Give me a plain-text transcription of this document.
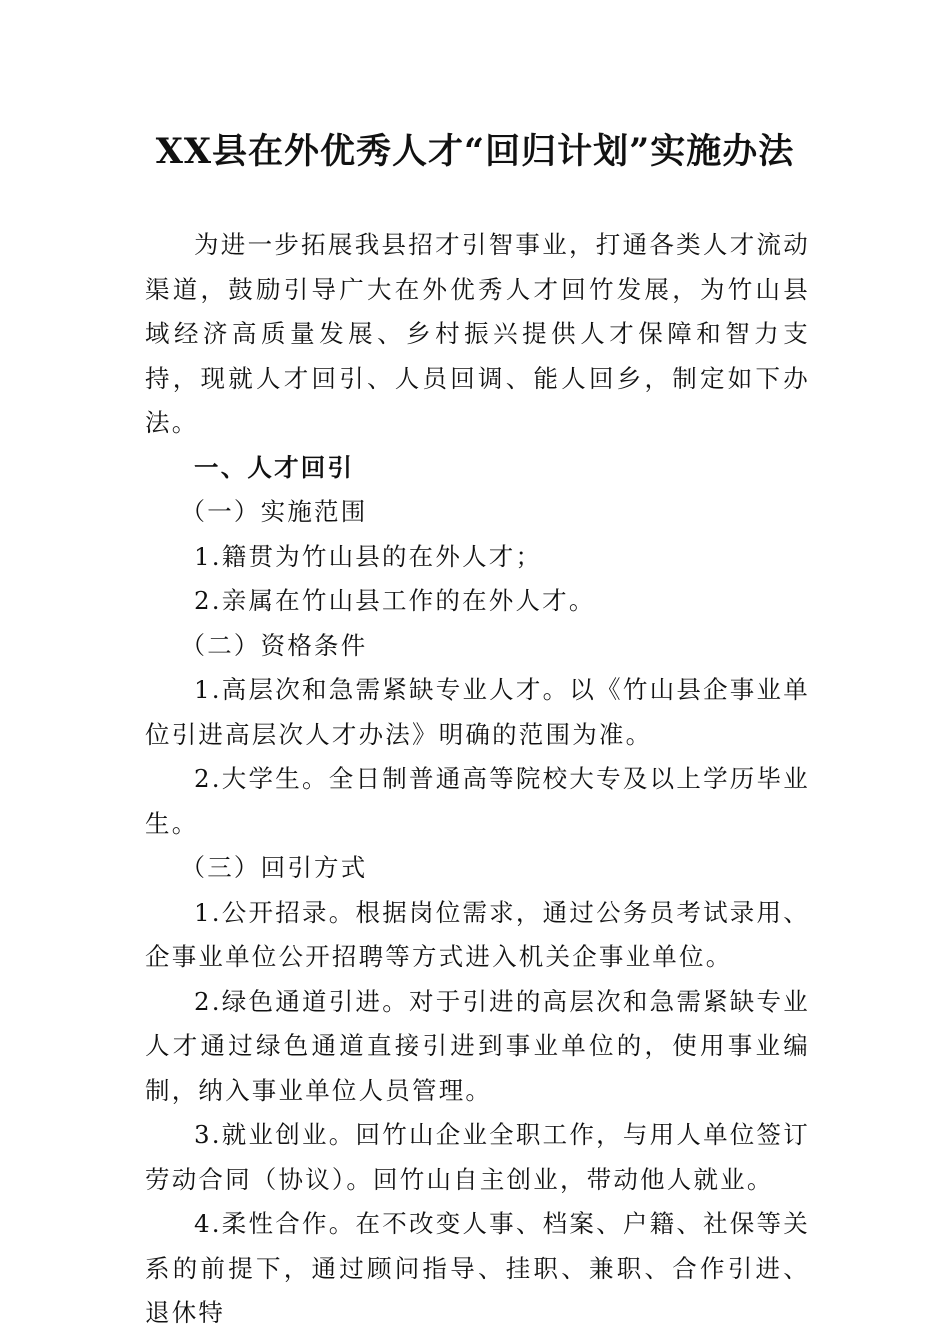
XX县在外优秀人才“回归计划”实施办法

为进一步拓展我县招才引智事业，打通各类人才流动渠道，鼓励引导广大在外优秀人才回竹发展，为竹山县域经济高质量发展、乡村振兴提供人才保障和智力支持，现就人才回引、人员回调、能人回乡，制定如下办法。

一、人才回引

（一）实施范围

1.籍贯为竹山县的在外人才；

2.亲属在竹山县工作的在外人才。

（二）资格条件

1.高层次和急需紧缺专业人才。以《竹山县企事业单位引进高层次人才办法》明确的范围为准。

2.大学生。全日制普通高等院校大专及以上学历毕业生。

（三）回引方式

1.公开招录。根据岗位需求，通过公务员考试录用、企事业单位公开招聘等方式进入机关企事业单位。

2.绿色通道引进。对于引进的高层次和急需紧缺专业人才通过绿色通道直接引进到事业单位的，使用事业编制，纳入事业单位人员管理。

3.就业创业。回竹山企业全职工作，与用人单位签订劳动合同（协议）。回竹山自主创业，带动他人就业。

4.柔性合作。在不改变人事、档案、户籍、社保等关系的前提下，通过顾问指导、挂职、兼职、合作引进、退休特
